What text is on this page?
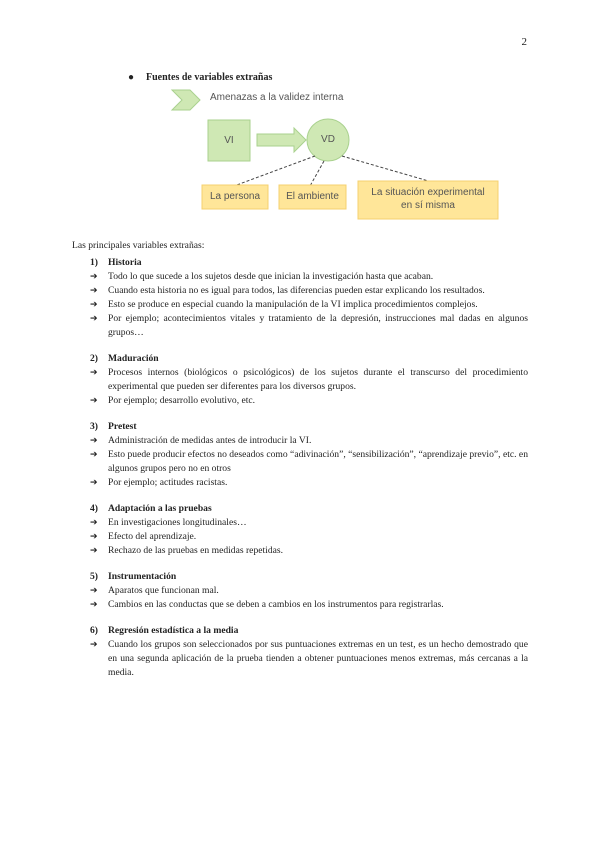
2
● Fuentes de variables extrañas
Amenazas a la validez interna
VI	VD
La persona	El ambiente	La situación experimental
en sí misma

Las principales variables extrañas:

1)	Historia
➔	Todo lo que sucede a los sujetos desde que inician la investigación hasta que acaban.
➔	Cuando esta historia no es igual para todos, las diferencias pueden estar explicando los resultados.
➔	Esto se produce en especial cuando la manipulación de la VI implica procedimientos complejos.
➔	Por ejemplo; acontecimientos vitales y tratamiento de la depresión, instrucciones mal dadas en algunos grupos…
2)	Maduración
➔	Procesos internos (biológicos o psicológicos) de los sujetos durante el transcurso del procedimiento experimental que pueden ser diferentes para los diversos grupos.
➔	Por ejemplo; desarrollo evolutivo, etc.
3)	Pretest
➔	Administración de medidas antes de introducir la VI.
➔	Esto puede producir efectos no deseados como “adivinación”, “sensibilización”, “aprendizaje previo”, etc. en algunos grupos pero no en otros
➔	Por ejemplo; actitudes racistas.
4)	Adaptación a las pruebas
➔	En investigaciones longitudinales…
➔	Efecto del aprendizaje.
➔	Rechazo de las pruebas en medidas repetidas.
5)	Instrumentación
➔	Aparatos que funcionan mal.
➔	Cambios en las conductas que se deben a cambios en los instrumentos para registrarlas.
6)	Regresión estadística a la media
➔	Cuando los grupos son seleccionados por sus puntuaciones extremas en un test, es un hecho demostrado que en una segunda aplicación de la prueba tienden a obtener puntuaciones menos extremas, más cercanas a la media.
